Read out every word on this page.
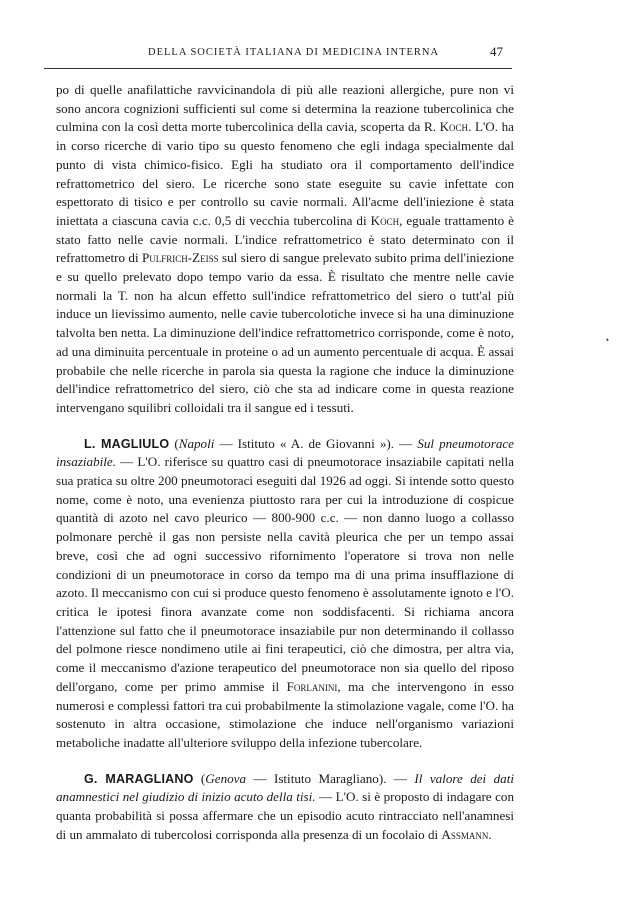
DELLA SOCIETÀ ITALIANA DI MEDICINA INTERNA	47

po di quelle anafilattiche ravvicinandola di più alle reazioni allergiche, pure non vi sono ancora cognizioni sufficienti sul come si determina la reazione tubercolinica che culmina con la così detta morte tubercolinica della cavia, scoperta da R. Koch. L'O. ha in corso ricerche di vario tipo su questo fenomeno che egli indaga specialmente dal punto di vista chimico-fisico. Egli ha studiato ora il comportamento dell'indice refrattometrico del siero. Le ricerche sono state eseguite su cavie infettate con espettorato di tisico e per controllo su cavie normali. All'acme dell'iniezione è stata iniettata a ciascuna cavia c.c. 0,5 di vecchia tubercolina di Koch, eguale trattamento è stato fatto nelle cavie normali. L'indice refrattometrico è stato determinato con il refrattometro di Pulfrich-Zeiss sul siero di sangue prelevato subito prima dell'iniezione e su quello prelevato dopo tempo vario da essa. È risultato che mentre nelle cavie normali la T. non ha alcun effetto sull'indice refrattometrico del siero o tutt'al più induce un lievissimo aumento, nelle cavie tubercolotiche invece si ha una diminuzione talvolta ben netta. La diminuzione dell'indice refrattometrico corrisponde, come è noto, ad una diminuita percentuale in proteine o ad un aumento percentuale di acqua. È assai probabile che nelle ricerche in parola sia questa la ragione che induce la diminuzione dell'indice refrattometrico del siero, ciò che sta ad indicare come in questa reazione intervengano squilibri colloidali tra il sangue ed i tessuti.

L. MAGLIULO (Napoli — Istituto « A. de Giovanni »). — Sul pneumotorace insaziabile. — L'O. riferisce su quattro casi di pneumotorace insaziabile capitati nella sua pratica su oltre 200 pneumotoraci eseguiti dal 1926 ad oggi. Si intende sotto questo nome, come è noto, una evenienza piuttosto rara per cui la introduzione di cospicue quantità di azoto nel cavo pleurico — 800-900 c.c. — non danno luogo a collasso polmonare perchè il gas non persiste nella cavità pleurica che per un tempo assai breve, così che ad ogni successivo rifornimento l'operatore si trova non nelle condizioni di un pneumotorace in corso da tempo ma di una prima insufflazione di azoto. Il meccanismo con cui si produce questo fenomeno è assolutamente ignoto e l'O. critica le ipotesi finora avanzate come non soddisfacenti. Si richiama ancora l'attenzione sul fatto che il pneumotorace insaziabile pur non determinando il collasso del polmone riesce nondimeno utile ai fini terapeutici, ciò che dimostra, per altra via, come il meccanismo d'azione terapeutico del pneumotorace non sia quello del riposo dell'organo, come per primo ammise il Forlanini, ma che intervengono in esso numerosi e complessi fattori tra cui probabilmente la stimolazione vagale, come l'O. ha sostenuto in altra occasione, stimolazione che induce nell'organismo variazioni metaboliche inadatte all'ulteriore sviluppo della infezione tubercolare.

G. MARAGLIANO (Genova — Istituto Maragliano). — Il valore dei dati anamnestici nel giudizio di inizio acuto della tisi. — L'O. si è proposto di indagare con quanta probabilità si possa affermare che un episodio acuto rintracciato nell'anamnesi di un ammalato di tubercolosi corrisponda alla presenza di un focolaio di Assmann.

•
